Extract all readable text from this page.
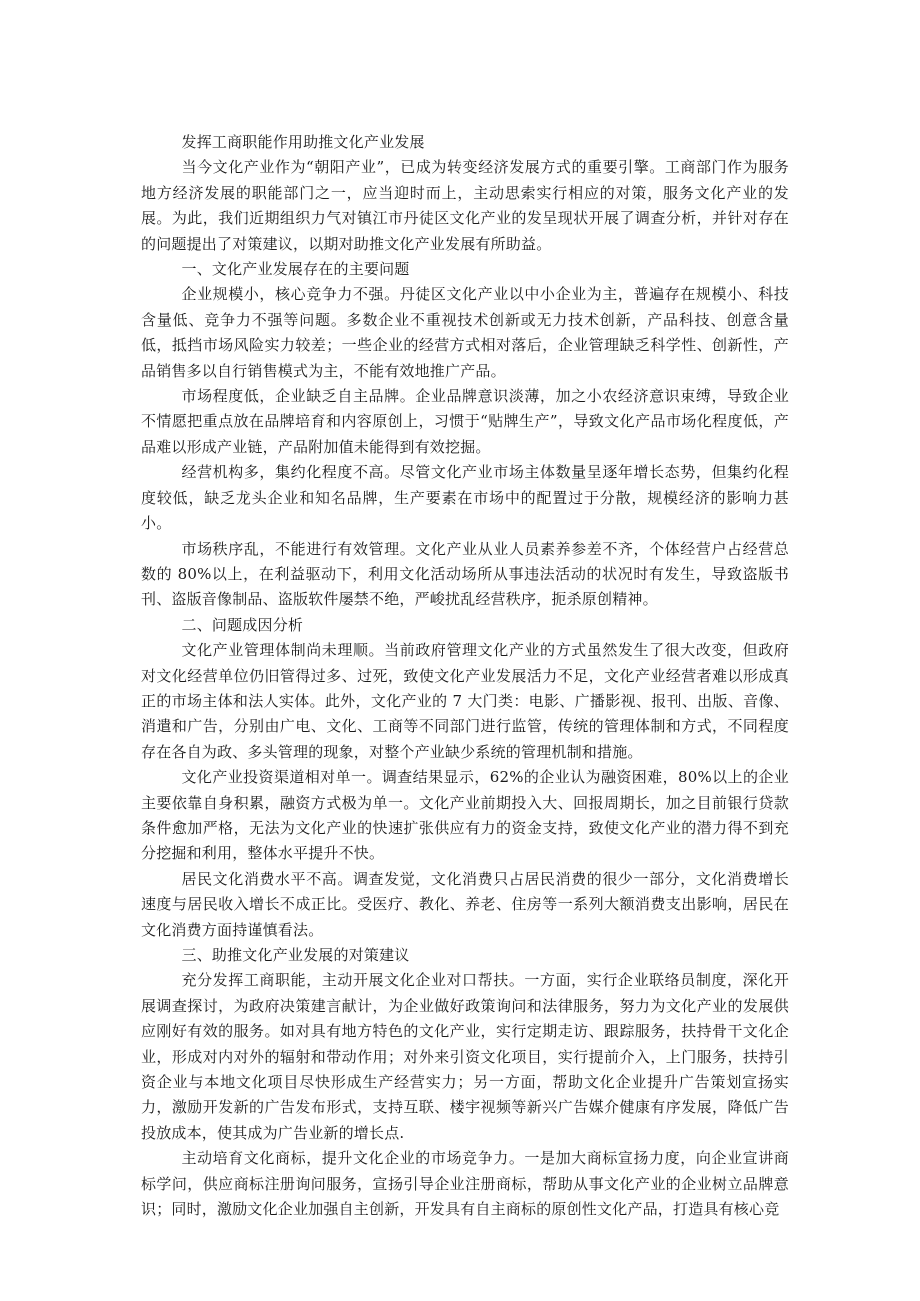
发挥工商职能作用助推文化产业发展

当今文化产业作为“朝阳产业”，已成为转变经济发展方式的重要引擎。工商部门作为服务地方经济发展的职能部门之一，应当迎时而上，主动思索实行相应的对策，服务文化产业的发展。为此，我们近期组织力气对镇江市丹徒区文化产业的发呈现状开展了调查分析，并针对存在的问题提出了对策建议，以期对助推文化产业发展有所助益。

一、文化产业发展存在的主要问题

企业规模小，核心竞争力不强。丹徒区文化产业以中小企业为主，普遍存在规模小、科技含量低、竞争力不强等问题。多数企业不重视技术创新或无力技术创新，产品科技、创意含量低，抵挡市场风险实力较差；一些企业的经营方式相对落后，企业管理缺乏科学性、创新性，产品销售多以自行销售模式为主，不能有效地推广产品。

市场程度低，企业缺乏自主品牌。企业品牌意识淡薄，加之小农经济意识束缚，导致企业不情愿把重点放在品牌培育和内容原创上，习惯于“贴牌生产”，导致文化产品市场化程度低，产品难以形成产业链，产品附加值未能得到有效挖掘。

经营机构多，集约化程度不高。尽管文化产业市场主体数量呈逐年增长态势，但集约化程度较低，缺乏龙头企业和知名品牌，生产要素在市场中的配置过于分散，规模经济的影响力甚小。

市场秩序乱，不能进行有效管理。文化产业从业人员素养参差不齐，个体经营户占经营总数的 80%以上，在利益驱动下，利用文化活动场所从事违法活动的状况时有发生，导致盗版书刊、盗版音像制品、盗版软件屡禁不绝，严峻扰乱经营秩序，扼杀原创精神。

二、问题成因分析

文化产业管理体制尚未理顺。当前政府管理文化产业的方式虽然发生了很大改变，但政府对文化经营单位仍旧管得过多、过死，致使文化产业发展活力不足，文化产业经营者难以形成真正的市场主体和法人实体。此外，文化产业的 7 大门类：电影、广播影视、报刊、出版、音像、消遣和广告，分别由广电、文化、工商等不同部门进行监管，传统的管理体制和方式，不同程度存在各自为政、多头管理的现象，对整个产业缺少系统的管理机制和措施。

文化产业投资渠道相对单一。调查结果显示，62%的企业认为融资困难，80%以上的企业主要依靠自身积累，融资方式极为单一。文化产业前期投入大、回报周期长，加之目前银行贷款条件愈加严格，无法为文化产业的快速扩张供应有力的资金支持，致使文化产业的潜力得不到充分挖掘和利用，整体水平提升不快。

居民文化消费水平不高。调查发觉，文化消费只占居民消费的很少一部分，文化消费增长速度与居民收入增长不成正比。受医疗、教化、养老、住房等一系列大额消费支出影响，居民在文化消费方面持谨慎看法。

三、助推文化产业发展的对策建议

充分发挥工商职能，主动开展文化企业对口帮扶。一方面，实行企业联络员制度，深化开展调查探讨，为政府决策建言献计，为企业做好政策询问和法律服务，努力为文化产业的发展供应刚好有效的服务。如对具有地方特色的文化产业，实行定期走访、跟踪服务，扶持骨干文化企业，形成对内对外的辐射和带动作用；对外来引资文化项目，实行提前介入，上门服务，扶持引资企业与本地文化项目尽快形成生产经营实力；另一方面，帮助文化企业提升广告策划宣扬实力，激励开发新的广告发布形式，支持互联、楼宇视频等新兴广告媒介健康有序发展，降低广告投放成本，使其成为广告业新的增长点.

主动培育文化商标，提升文化企业的市场竞争力。一是加大商标宣扬力度，向企业宣讲商标学问，供应商标注册询问服务，宣扬引导企业注册商标，帮助从事文化产业的企业树立品牌意识；同时，激励文化企业加强自主创新，开发具有自主商标的原创性文化产品，打造具有核心竞
